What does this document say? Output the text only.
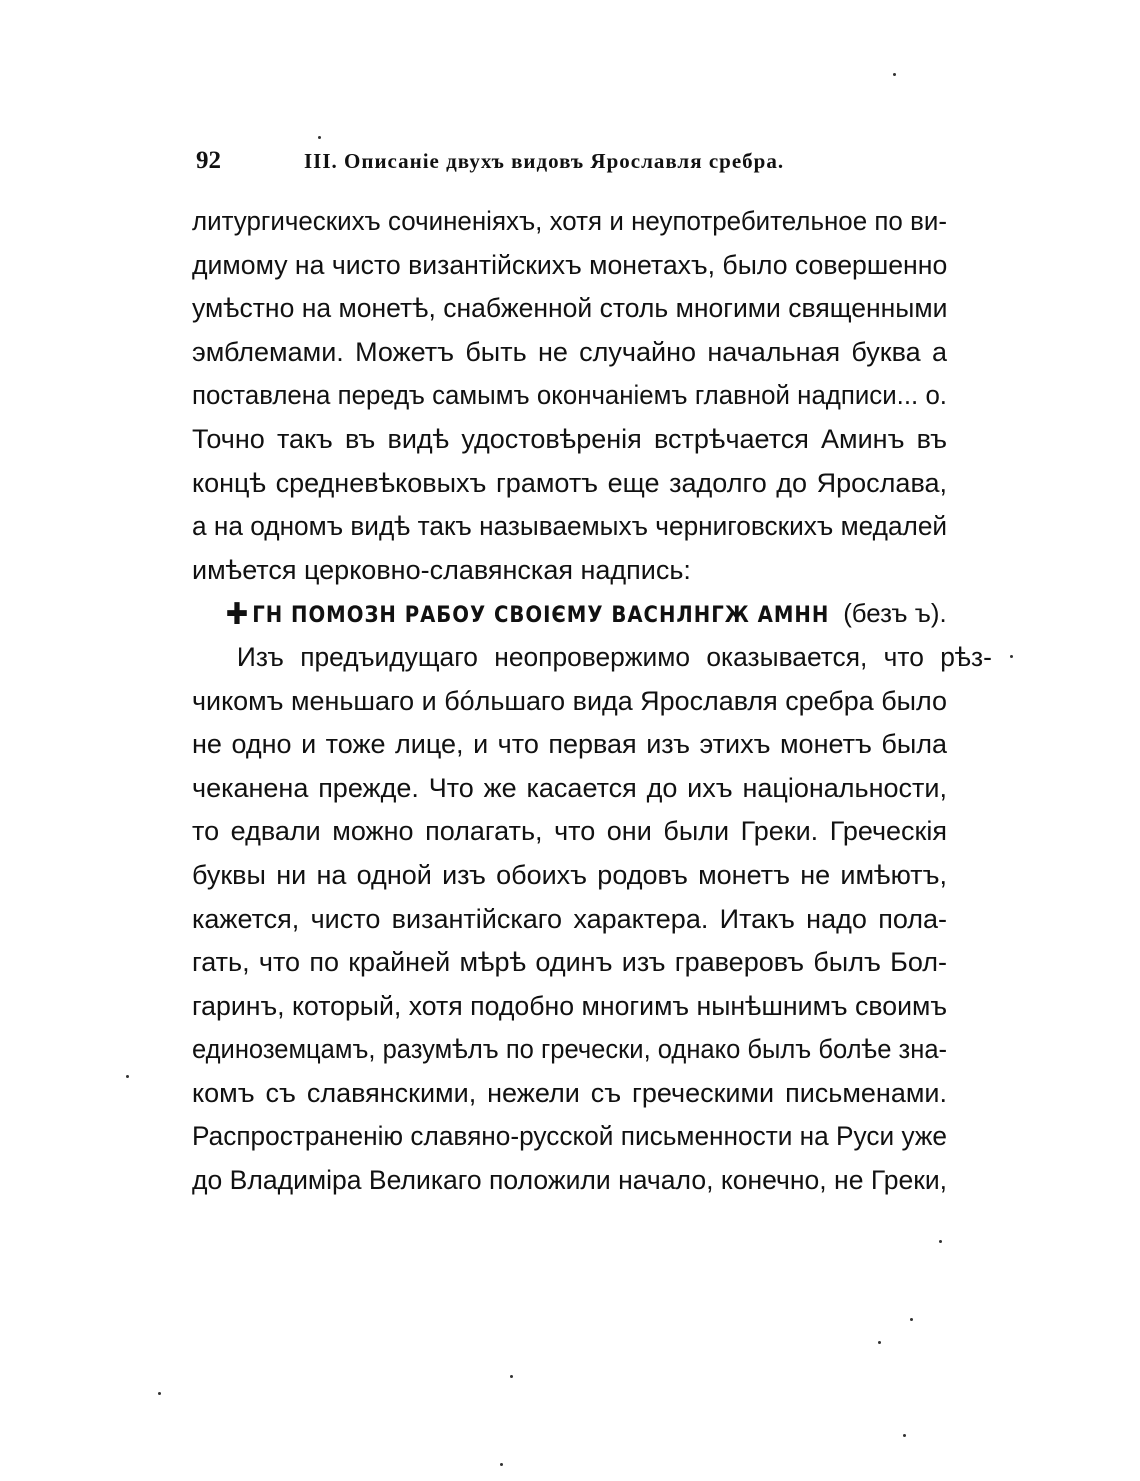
92	III. Описаніе двухъ видовъ Ярославля сребра.
литургическихъ сочиненіяхъ, хотя и неупотребительное по ви-
димому на чисто византійскихъ монетахъ, было совершенно
умѣстно на монетѣ, снабженной столь многими священными
эмблемами. Можетъ быть не случайно начальная буква а
поставлена передъ самымъ окончаніемъ главной надписи... о.
Точно такъ въ видѣ удостовѣренія встрѣчается Аминъ въ
концѣ средневѣковыхъ грамотъ еще задолго до Ярослава,
а на одномъ видѣ такъ называемыхъ черниговскихъ медалей
имѣется церковно-славянская надпись:
✚ ГН ПОМОЗН РАБОУ СВОІЄМУ ВАСНЛНГЖ АМНН (безъ ъ).
Изъ предъидущаго неопровержимо оказывается, что рѣз-
чикомъ меньшаго и бóльшаго вида Ярославля сребра было
не одно и тоже лице, и что первая изъ этихъ монетъ была
чеканена прежде. Что же касается до ихъ національности,
то едвали можно полагать, что они были Греки. Греческія
буквы ни на одной изъ обоихъ родовъ монетъ не имѣютъ,
кажется, чисто византійскаго характера. Итакъ надо пола-
гать, что по крайней мѣрѣ одинъ изъ граверовъ былъ Бол-
гаринъ, который, хотя подобно многимъ нынѣшнимъ своимъ
единоземцамъ, разумѣлъ по гречески, однако былъ болѣе зна-
комъ съ славянскими, нежели съ греческими письменами.
Распространенію славяно-русской письменности на Руси уже
до Владиміра Великаго положили начало, конечно, не Греки,
